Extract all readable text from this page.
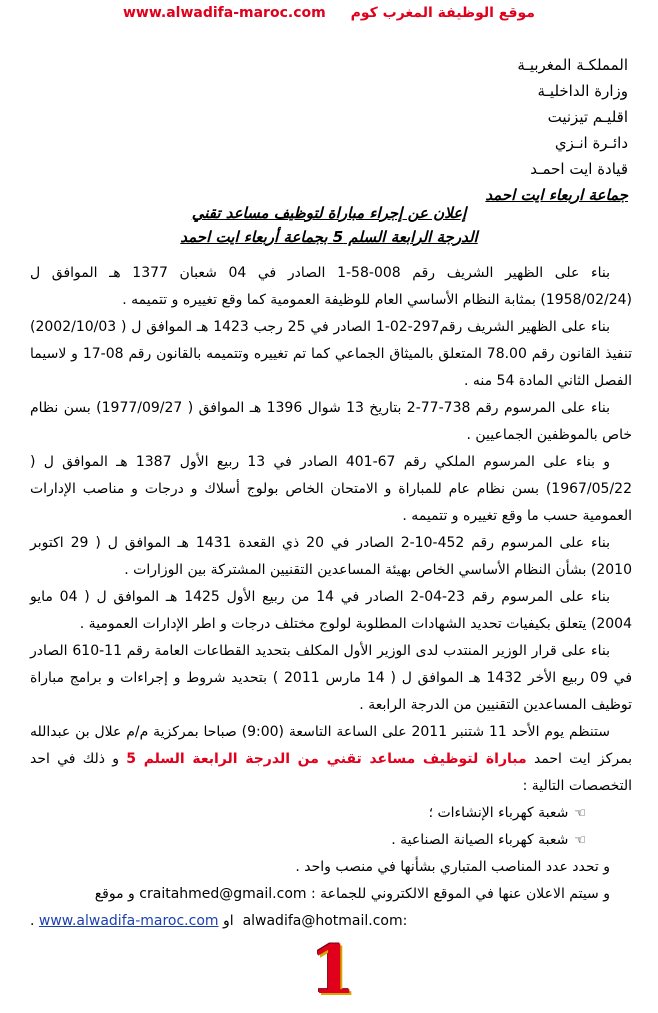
www.alwadifa-maroc.com موقع الوظيفة المغرب كوم
المملكـة المغربيـة
وزارة الداخليـة
اقليـم تيزنيت
دائـرة انـزي
قيادة ايت احمـد
جماعة اربعاء ايت احمد
إعلان عن إجراء مباراة لتوظيف مساعد تقني
الدرجة الرابعة السلم 5 بجماعة أربعاء ايت احمد

بناء على الظهير الشريف رقم 008-58-1 الصادر في 04 شعبان 1377 هـ الموافق ل (1958/02/24) بمثابة النظام الأساسي العام للوظيفة العمومية كما وقع تغييره و تتميمه .

بناء على الظهير الشريف رقم297-02-1 الصادر في 25 رجب 1423 هـ الموافق ل ( 2002/10/03) تنفيذ القانون رقم 78.00 المتعلق بالميثاق الجماعي كما تم تغييره وتتميمه بالقانون رقم 08-17 و لاسيما الفصل الثاني المادة 54 منه .

بناء على المرسوم رقم 738-77-2 بتاريخ 13 شوال 1396 هـ الموافق ( 1977/09/27) بسن نظام خاص بالموظفين الجماعيين .

و بناء على المرسوم الملكي رقم 67-401 الصادر في 13 ربيع الأول 1387 هـ الموافق ل ( 1967/05/22) بسن نظام عام للمباراة و الامتحان الخاص بولوج أسلاك و درجات و مناصب الإدارات العمومية حسب ما وقع تغييره و تتميمه .

بناء على المرسوم رقم 452-10-2 الصادر في 20 ذي القعدة 1431 هـ الموافق ل ( 29 اكتوبر 2010) بشأن النظام الأساسي الخاص بهيئة المساعدين التقنيين المشتركة بين الوزارات .

بناء على المرسوم رقم 23-04-2 الصادر في 14 من ربيع الأول 1425 هـ الموافق ل ( 04 مايو 2004) يتعلق بكيفيات تحديد الشهادات المطلوبة لولوج مختلف درجات و اطر الإدارات العمومية .

بناء على قرار الوزير المنتدب لدى الوزير الأول المكلف بتحديد القطاعات العامة رقم 11-610 الصادر في 09 ربيع الأخر 1432 هـ الموافق ل ( 14 مارس 2011 ) بتحديد شروط و إجراءات و برامج مباراة توظيف المساعدين التقنيين من الدرجة الرابعة .

ستنظم يوم الأحد 11 شتنبر 2011 على الساعة التاسعة (9:00) صباحا بمركزية م/م علال بن عبدالله بمركز ايت احمد مباراة لتوظيف مساعد تقني من الدرجة الرابعة السلم 5 و ذلك في احد التخصصات التالية :

☜شعبة كهرباء الإنشاءات ؛
☜شعبة كهرباء الصيانة الصناعية .

و تحدد عدد المناصب المتباري بشأنها في منصب واحد .

و سيتم الاعلان عنها في الموقع الالكتروني للجماعة : craitahmed@gmail.com و موقع

alwadifa@hotmail.com:  او www.alwadifa-maroc.com .

1
